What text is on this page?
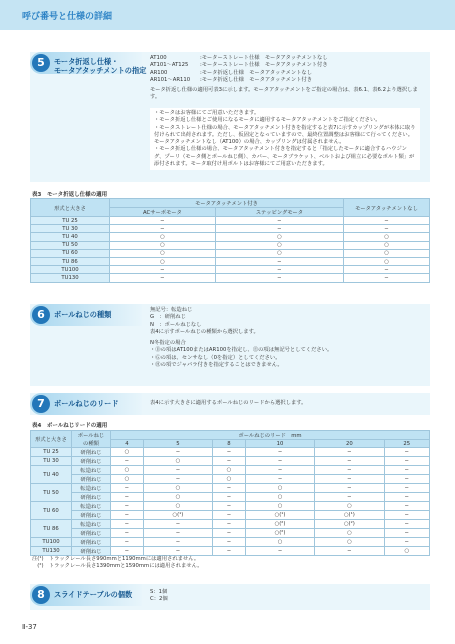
呼び番号と仕様の詳細
5	モータ折返し仕様・
モータアタッチメントの指定
AT100	:モーターストレート仕様　モータアタッチメントなし
AT101〜AT125 :モーターストレート仕様　モータアタッチメント付き
AR100	:モータ折返し仕様　モータアタッチメントなし
AR101〜AR110 :モータ折返し仕様　モータアタッチメント付き
モータ折返し仕様の適用可表3に示します。モータアタッチメントをご指定の場合は、表6.1、表6.2より選択します。
・モータはお客様にてご用意いただきます。
・モータ折返し仕様とご使用になるモータに適用するモータアタッチメントをご指定ください。
・モータストレート仕様の場合、モータアタッチメント付きを指定すると表7に示すカップリングが本体に取り付けられて出荷されます。ただし、仮固定となっていますので、最終位置調整はお客様にて行ってください。モータアタッチメントなし（AT100）の場合、カップリングは付属されません。
・モータ折返し仕様の場合、モータアタッチメント付きを指定すると「指定したモータに適合するハウジング、プーリ（モータ側とボールねじ側）、カバー、モータブラケット、ベルトおよび組立に必要なボルト類」が添付されます。モータ取付け用ボルトはお客様にてご用意いただきます。
表3　モータ折返し仕様の適用
形式と大きさ	モータアタッチメント付き		モータアタッチメントなし
	ACサーボモータ	ステッピングモータ	
TU 25	−	−	−
TU 30	−	−	−
TU 40	○	○	○
TU 50	○	○	○
TU 60	○	○	○
TU 86	○	−	○
TU100	−	−	−
TU130	−	−	−
6	ボールねじの種類	無記号：転造ねじ
G　：研削ねじ
N　：ボールねじなし
表4に示すボールねじの種類から選択します。
N冬指定の場合
・Ⓓの項はAT100またはAR100を指定し、Ⓔの項は無記号としてください。
・Ⓖの項は、センサなし（0を指定）としてください。
・Ⓗの項でジャバラ付きを指定することはできません。
7	ボールねじのリード	表4に示す大きさに適用するボールねじのリードから選択します。
表4　ボールねじリードの適用
形式と大きさ	ボールねじ
の種類	ボールねじのリード　mm					
		4	5	8	10	20	25
TU 25	研削ねじ	○	−	−	−	−	−
TU 30	研削ねじ	−	○	−	−	−	−
TU 40	転造ねじ	○	−	○	−	−	−
	研削ねじ	○	−	○	−	−	−
TU 50	転造ねじ	−	○	−	○	−	−
	研削ねじ	−	○	−	○	−	−
TU 60	転造ねじ	−	○	−	○	○	−
	研削ねじ	−	○(¹)	−	○(¹)	○(¹)	−
TU 86	転造ねじ	−	−	−	○(²)	○(²)	−
	研削ねじ	−	−	−	○(²)	○	−
TU100	研削ねじ	−	−	−	○	○	−
TU130	研削ねじ	−	−	−	−	−	○
注(¹)　トラックレール長さ990mmと1190mmには適用されません。
　(²)　トラックレール長さ1390mmと1590mmには適用されません。
8	スライドテーブルの個数	S：1個
C：2個
Ⅱ-37
